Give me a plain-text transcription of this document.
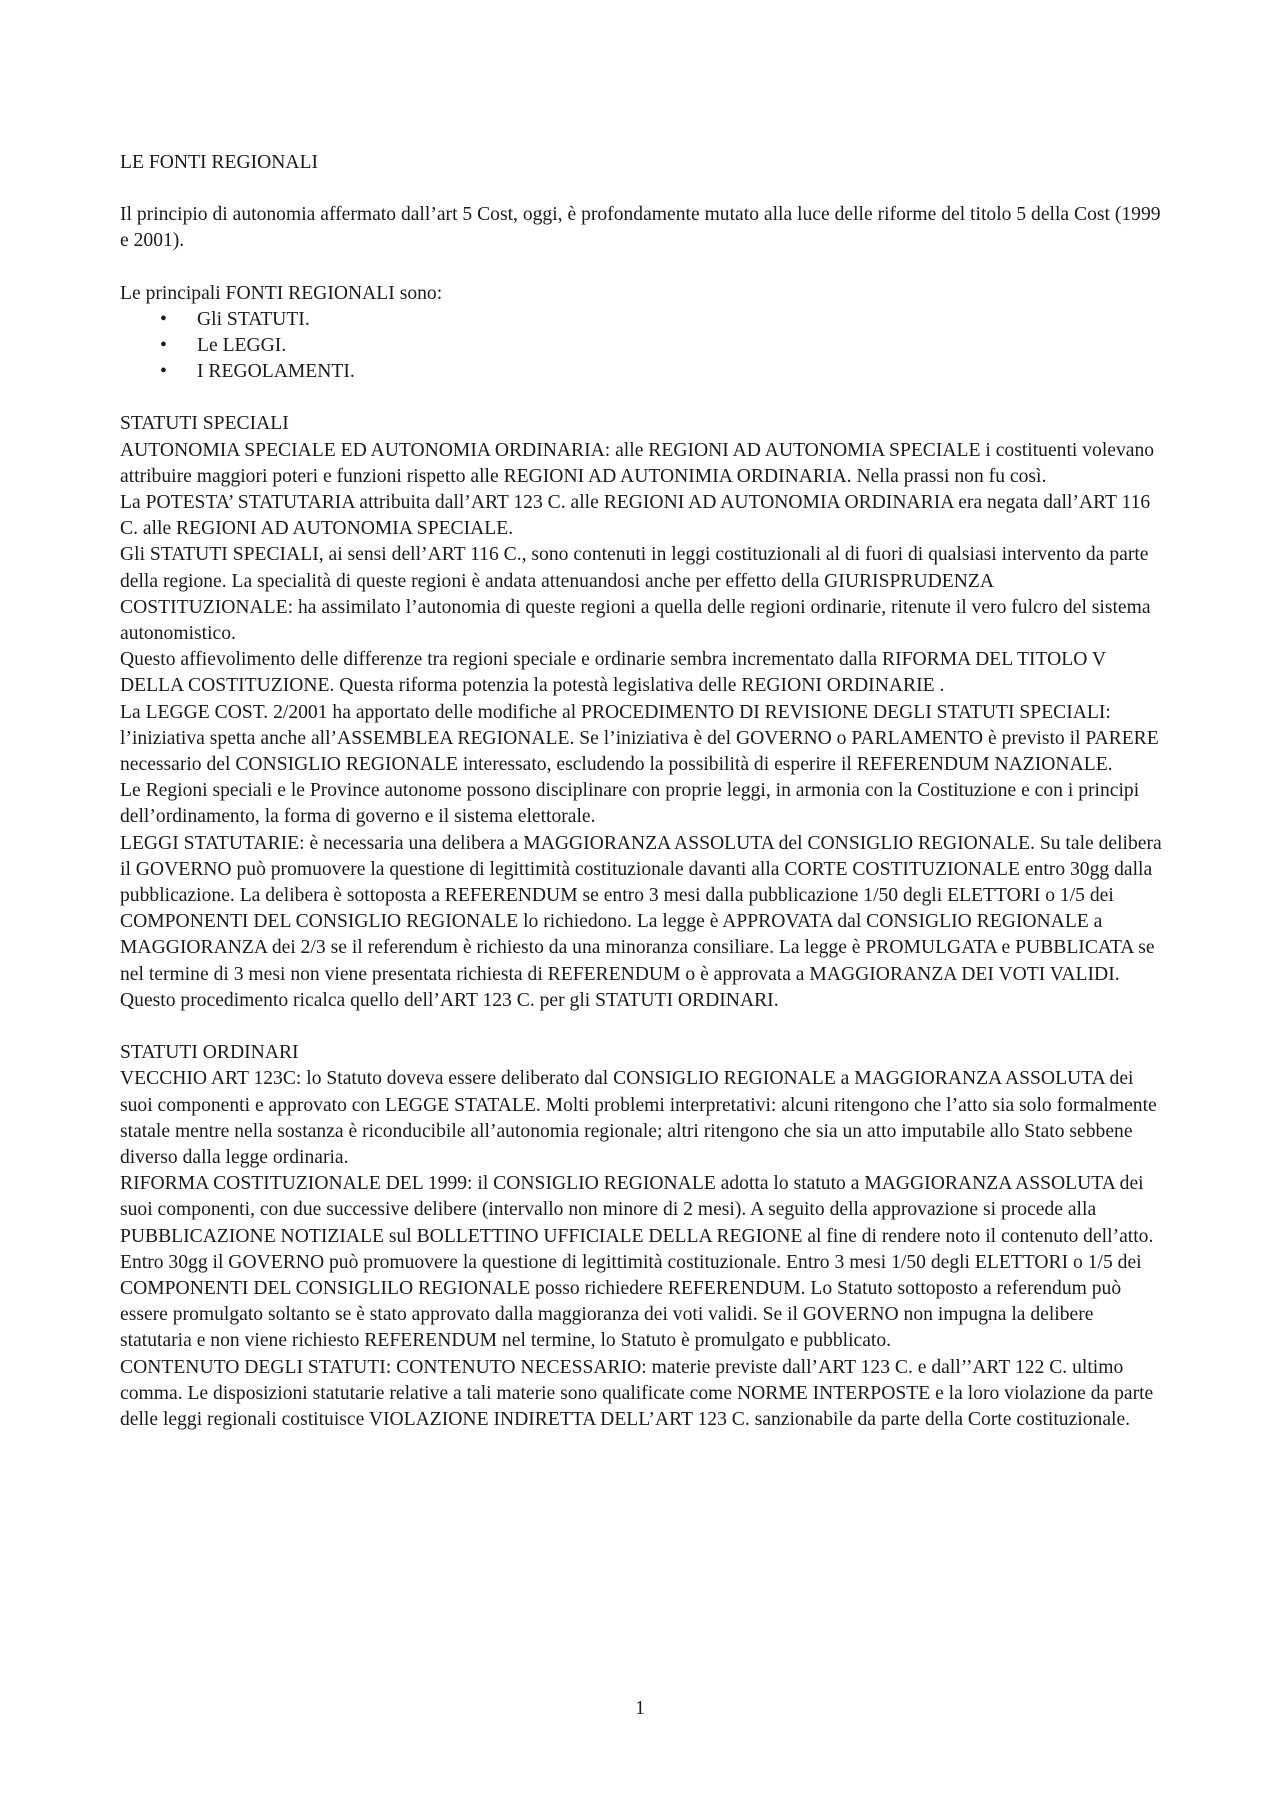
LE FONTI REGIONALI

Il principio di autonomia affermato dall’art 5 Cost, oggi, è profondamente mutato alla luce delle riforme del titolo 5 della Cost (1999 e 2001).

Le principali FONTI REGIONALI sono:

• Gli STATUTI.
• Le LEGGI.
• I REGOLAMENTI.

STATUTI SPECIALI

AUTONOMIA SPECIALE ED AUTONOMIA ORDINARIA: alle REGIONI AD AUTONOMIA SPECIALE i costituenti volevano attribuire maggiori poteri e funzioni rispetto alle REGIONI AD AUTONIMIA ORDINARIA. Nella prassi non fu così.

La POTESTA’ STATUTARIA attribuita dall’ART 123 C. alle REGIONI AD AUTONOMIA ORDINARIA era negata dall’ART 116 C. alle REGIONI AD AUTONOMIA SPECIALE.

Gli STATUTI SPECIALI, ai sensi dell’ART 116 C., sono contenuti in leggi costituzionali al di fuori di qualsiasi intervento da parte della regione. La specialità di queste regioni è andata attenuandosi anche per effetto della GIURISPRUDENZA COSTITUZIONALE: ha assimilato l’autonomia di queste regioni a quella delle regioni ordinarie, ritenute il vero fulcro del sistema autonomistico.

Questo affievolimento delle differenze tra regioni speciale e ordinarie sembra incrementato dalla RIFORMA DEL TITOLO V DELLA COSTITUZIONE. Questa riforma potenzia la potestà legislativa delle REGIONI ORDINARIE .

La LEGGE COST. 2/2001 ha apportato delle modifiche al PROCEDIMENTO DI REVISIONE DEGLI STATUTI SPECIALI: l’iniziativa spetta anche all’ASSEMBLEA REGIONALE. Se l’iniziativa è del GOVERNO o PARLAMENTO è previsto il PARERE necessario del CONSIGLIO REGIONALE interessato, escludendo la possibilità di esperire il REFERENDUM NAZIONALE.

Le Regioni speciali e le Province autonome possono disciplinare con proprie leggi, in armonia con la Costituzione e con i principi dell’ordinamento, la forma di governo e il sistema elettorale.

LEGGI STATUTARIE: è necessaria una delibera a MAGGIORANZA ASSOLUTA del CONSIGLIO REGIONALE. Su tale delibera il GOVERNO può promuovere la questione di legittimità costituzionale davanti alla CORTE COSTITUZIONALE entro 30gg dalla pubblicazione. La delibera è sottoposta a REFERENDUM se entro 3 mesi dalla pubblicazione 1/50 degli ELETTORI o 1/5 dei COMPONENTI DEL CONSIGLIO REGIONALE lo richiedono. La legge è APPROVATA dal CONSIGLIO REGIONALE a MAGGIORANZA dei 2/3 se il referendum è richiesto da una minoranza consiliare. La legge è PROMULGATA e PUBBLICATA se nel termine di 3 mesi non viene presentata richiesta di REFERENDUM o è approvata a MAGGIORANZA DEI VOTI VALIDI.

Questo procedimento ricalca quello dell’ART 123 C. per gli STATUTI ORDINARI.

STATUTI ORDINARI

VECCHIO ART 123C: lo Statuto doveva essere deliberato dal CONSIGLIO REGIONALE a MAGGIORANZA ASSOLUTA dei suoi componenti e approvato con LEGGE STATALE. Molti problemi interpretativi: alcuni ritengono che l’atto sia solo formalmente statale mentre nella sostanza è riconducibile all’autonomia regionale; altri ritengono che sia un atto imputabile allo Stato sebbene diverso dalla legge ordinaria.

RIFORMA COSTITUZIONALE DEL 1999: il CONSIGLIO REGIONALE adotta lo statuto a MAGGIORANZA ASSOLUTA dei suoi componenti, con due successive delibere (intervallo non minore di 2 mesi). A seguito della approvazione si procede alla PUBBLICAZIONE NOTIZIALE sul BOLLETTINO UFFICIALE DELLA REGIONE al fine di rendere noto il contenuto dell’atto. Entro 30gg il GOVERNO può promuovere la questione di legittimità costituzionale. Entro 3 mesi 1/50 degli ELETTORI o 1/5 dei COMPONENTI DEL CONSIGLILO REGIONALE posso richiedere REFERENDUM. Lo Statuto sottoposto a referendum può essere promulgato soltanto se è stato approvato dalla maggioranza dei voti validi. Se il GOVERNO non impugna la delibere statutaria e non viene richiesto REFERENDUM nel termine, lo Statuto è promulgato e pubblicato.

CONTENUTO DEGLI STATUTI: CONTENUTO NECESSARIO: materie previste dall’ART 123 C. e dall’’ART 122 C. ultimo comma. Le disposizioni statutarie relative a tali materie sono qualificate come NORME INTERPOSTE e la loro violazione da parte delle leggi regionali costituisce VIOLAZIONE INDIRETTA DELL’ART 123 C. sanzionabile da parte della Corte costituzionale.

1
